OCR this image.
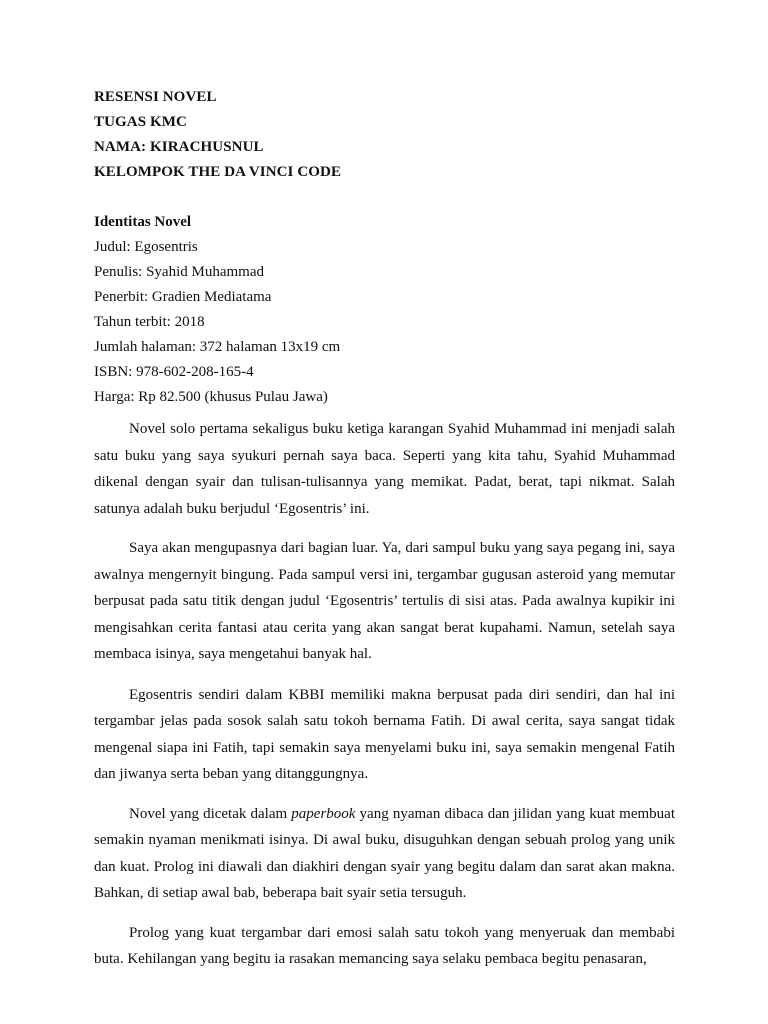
RESENSI NOVEL
TUGAS KMC
NAMA: KIRACHUSNUL
KELOMPOK THE DA VINCI CODE
Identitas Novel
Judul: Egosentris
Penulis: Syahid Muhammad
Penerbit: Gradien Mediatama
Tahun terbit: 2018
Jumlah halaman: 372 halaman 13x19 cm
ISBN: 978-602-208-165-4
Harga: Rp 82.500 (khusus Pulau Jawa)

Novel solo pertama sekaligus buku ketiga karangan Syahid Muhammad ini menjadi salah satu buku yang saya syukuri pernah saya baca. Seperti yang kita tahu, Syahid Muhammad dikenal dengan syair dan tulisan-tulisannya yang memikat. Padat, berat, tapi nikmat. Salah satunya adalah buku berjudul ‘Egosentris’ ini.

Saya akan mengupasnya dari bagian luar. Ya, dari sampul buku yang saya pegang ini, saya awalnya mengernyit bingung. Pada sampul versi ini, tergambar gugusan asteroid yang memutar berpusat pada satu titik dengan judul ‘Egosentris’ tertulis di sisi atas. Pada awalnya kupikir ini mengisahkan cerita fantasi atau cerita yang akan sangat berat kupahami. Namun, setelah saya membaca isinya, saya mengetahui banyak hal.

Egosentris sendiri dalam KBBI memiliki makna berpusat pada diri sendiri, dan hal ini tergambar jelas pada sosok salah satu tokoh bernama Fatih. Di awal cerita, saya sangat tidak mengenal siapa ini Fatih, tapi semakin saya menyelami buku ini, saya semakin mengenal Fatih dan jiwanya serta beban yang ditanggungnya.

Novel yang dicetak dalam paperbook yang nyaman dibaca dan jilidan yang kuat membuat semakin nyaman menikmati isinya. Di awal buku, disuguhkan dengan sebuah prolog yang unik dan kuat. Prolog ini diawali dan diakhiri dengan syair yang begitu dalam dan sarat akan makna. Bahkan, di setiap awal bab, beberapa bait syair setia tersuguh.

Prolog yang kuat tergambar dari emosi salah satu tokoh yang menyeruak dan membabi buta. Kehilangan yang begitu ia rasakan memancing saya selaku pembaca begitu penasaran,
